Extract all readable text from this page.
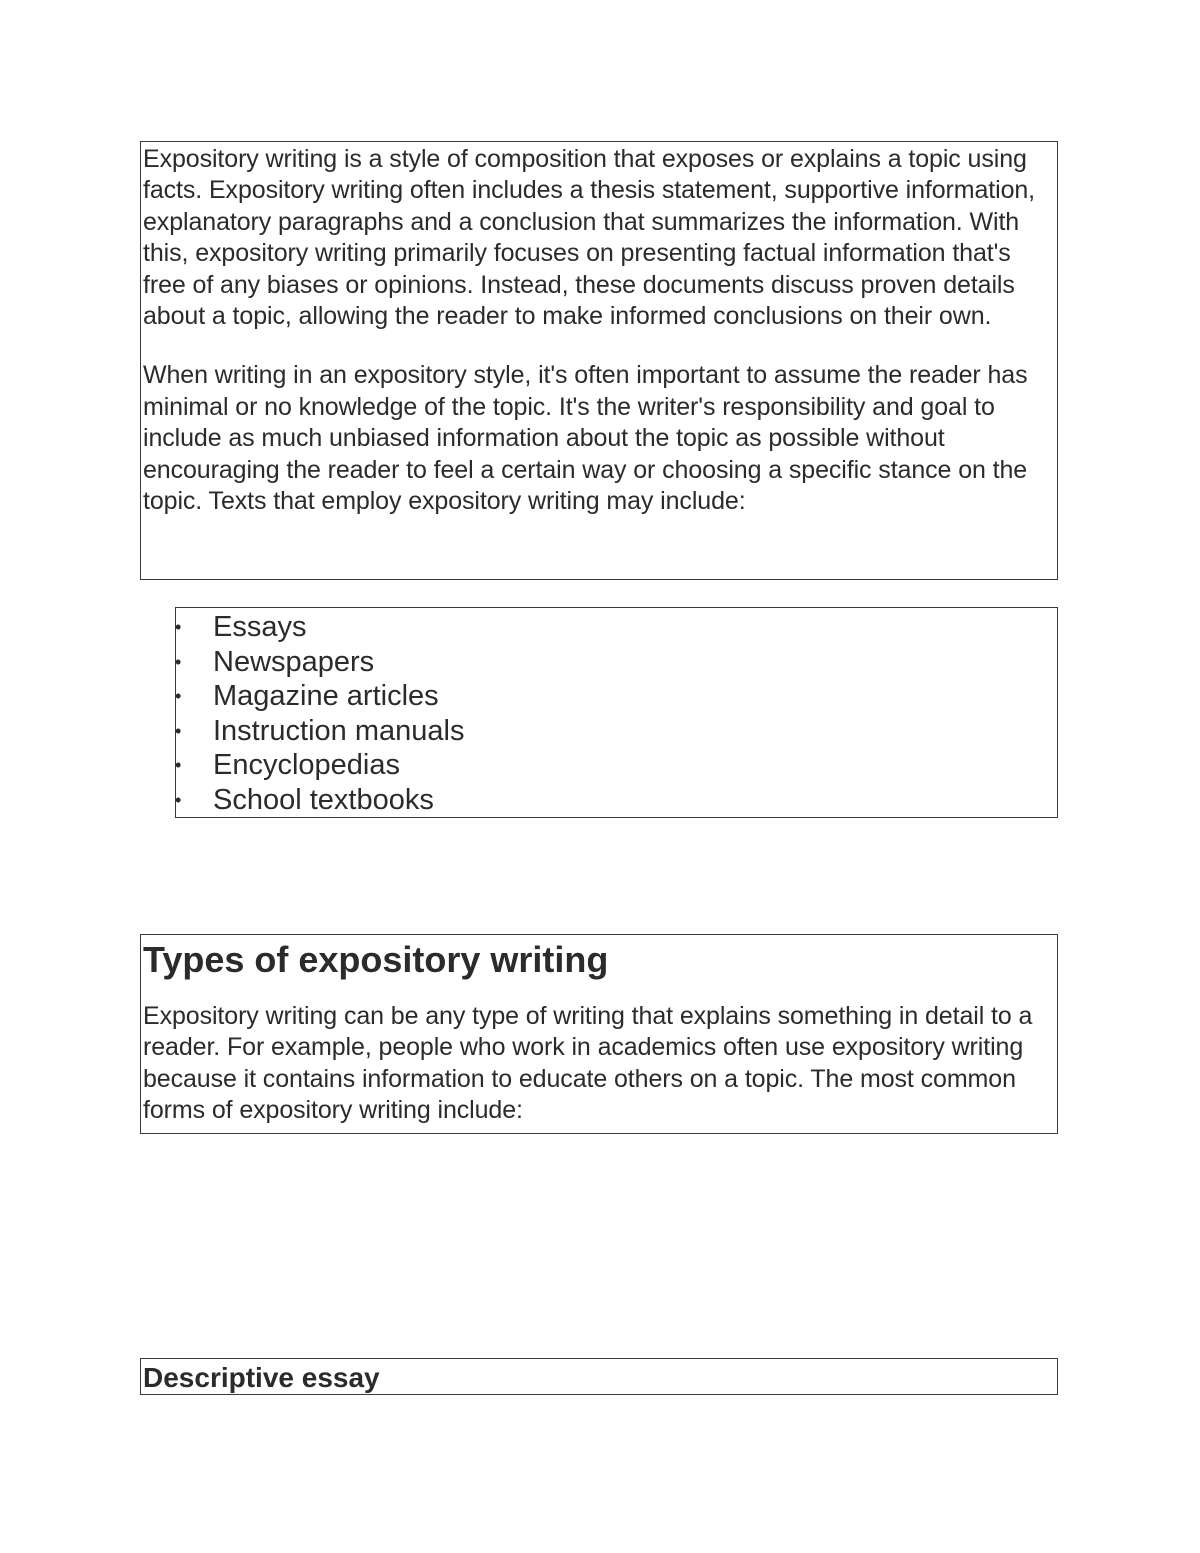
Expository writing is a style of composition that exposes or explains a topic using facts. Expository writing often includes a thesis statement, supportive information, explanatory paragraphs and a conclusion that summarizes the information. With this, expository writing primarily focuses on presenting factual information that's free of any biases or opinions. Instead, these documents discuss proven details about a topic, allowing the reader to make informed conclusions on their own.

When writing in an expository style, it's often important to assume the reader has minimal or no knowledge of the topic. It's the writer's responsibility and goal to include as much unbiased information about the topic as possible without encouraging the reader to feel a certain way or choosing a specific stance on the topic. Texts that employ expository writing may include:

• Essays
• Newspapers
• Magazine articles
• Instruction manuals
• Encyclopedias
• School textbooks
Types of expository writing

Expository writing can be any type of writing that explains something in detail to a reader. For example, people who work in academics often use expository writing because it contains information to educate others on a topic. The most common forms of expository writing include:

Descriptive essay
